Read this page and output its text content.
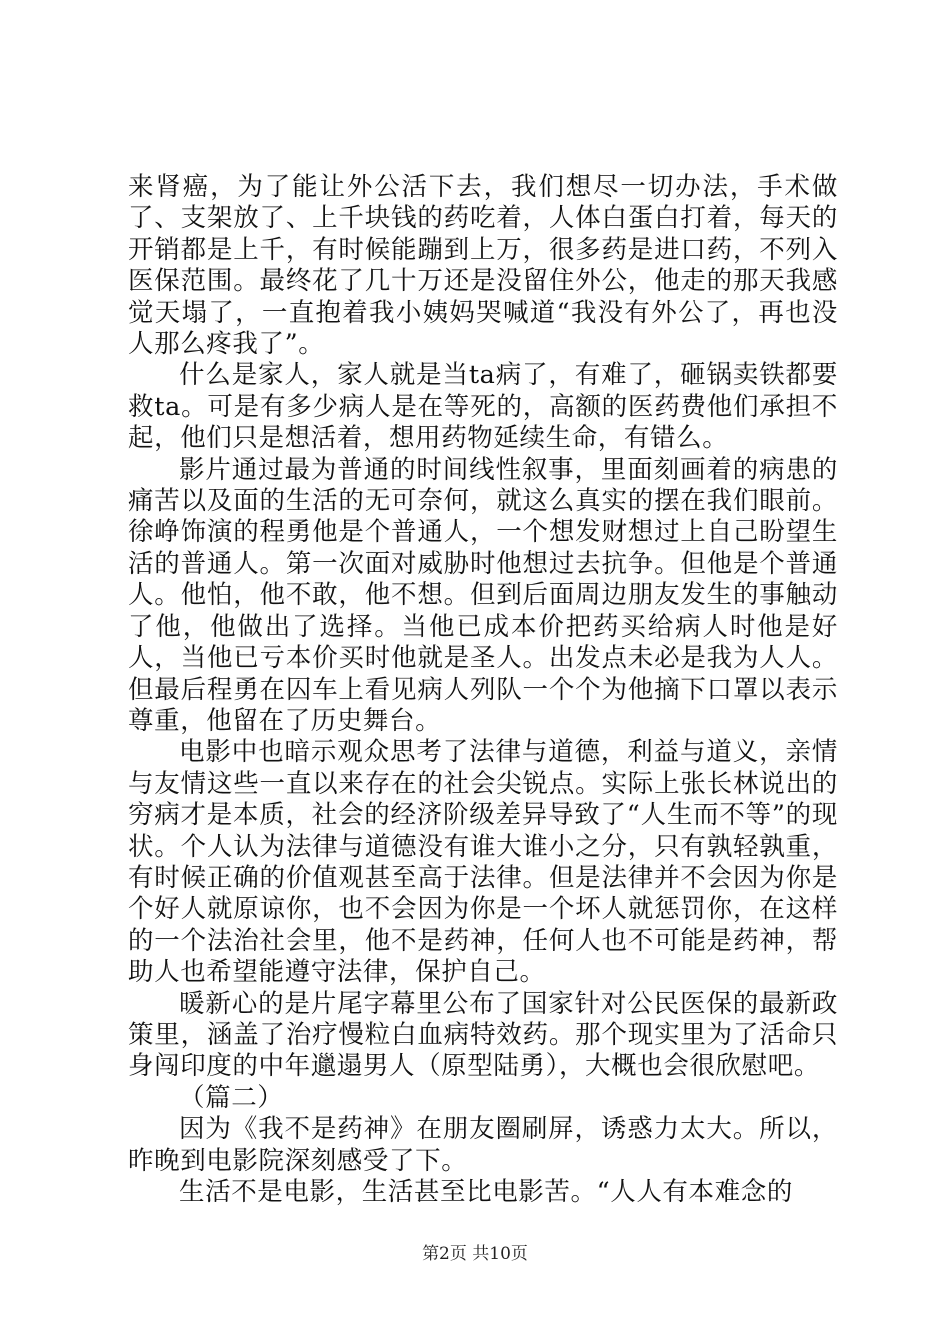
来肾癌，为了能让外公活下去，我们想尽一切办法，手术做了、支架放了、上千块钱的药吃着，人体白蛋白打着，每天的开销都是上千，有时候能蹦到上万，很多药是进口药，不列入医保范围。最终花了几十万还是没留住外公，他走的那天我感觉天塌了，一直抱着我小姨妈哭喊道“我没有外公了，再也没人那么疼我了”。

什么是家人，家人就是当ta病了，有难了，砸锅卖铁都要救ta。可是有多少病人是在等死的，高额的医药费他们承担不起，他们只是想活着，想用药物延续生命，有错么。

影片通过最为普通的时间线性叙事，里面刻画着的病患的痛苦以及面的生活的无可奈何，就这么真实的摆在我们眼前。徐峥饰演的程勇他是个普通人，一个想发财想过上自己盼望生活的普通人。第一次面对威胁时他想过去抗争。但他是个普通人。他怕，他不敢，他不想。但到后面周边朋友发生的事触动了他，他做出了选择。当他已成本价把药买给病人时他是好人，当他已亏本价买时他就是圣人。出发点未必是我为人人。但最后程勇在囚车上看见病人列队一个个为他摘下口罩以表示尊重，他留在了历史舞台。

电影中也暗示观众思考了法律与道德，利益与道义，亲情与友情这些一直以来存在的社会尖锐点。实际上张长林说出的穷病才是本质，社会的经济阶级差异导致了“人生而不等”的现状。个人认为法律与道德没有谁大谁小之分，只有孰轻孰重，有时候正确的价值观甚至高于法律。但是法律并不会因为你是个好人就原谅你，也不会因为你是一个坏人就惩罚你，在这样的一个法治社会里，他不是药神，任何人也不可能是药神，帮助人也希望能遵守法律，保护自己。

暖新心的是片尾字幕里公布了国家针对公民医保的最新政策里，涵盖了治疗慢粒白血病特效药。那个现实里为了活命只身闯印度的中年邋遢男人（原型陆勇），大概也会很欣慰吧。

（篇二）

因为《我不是药神》在朋友圈刷屏，诱惑力太大。所以，昨晚到电影院深刻感受了下。

生活不是电影，生活甚至比电影苦。“人人有本难念的

第2页 共10页
